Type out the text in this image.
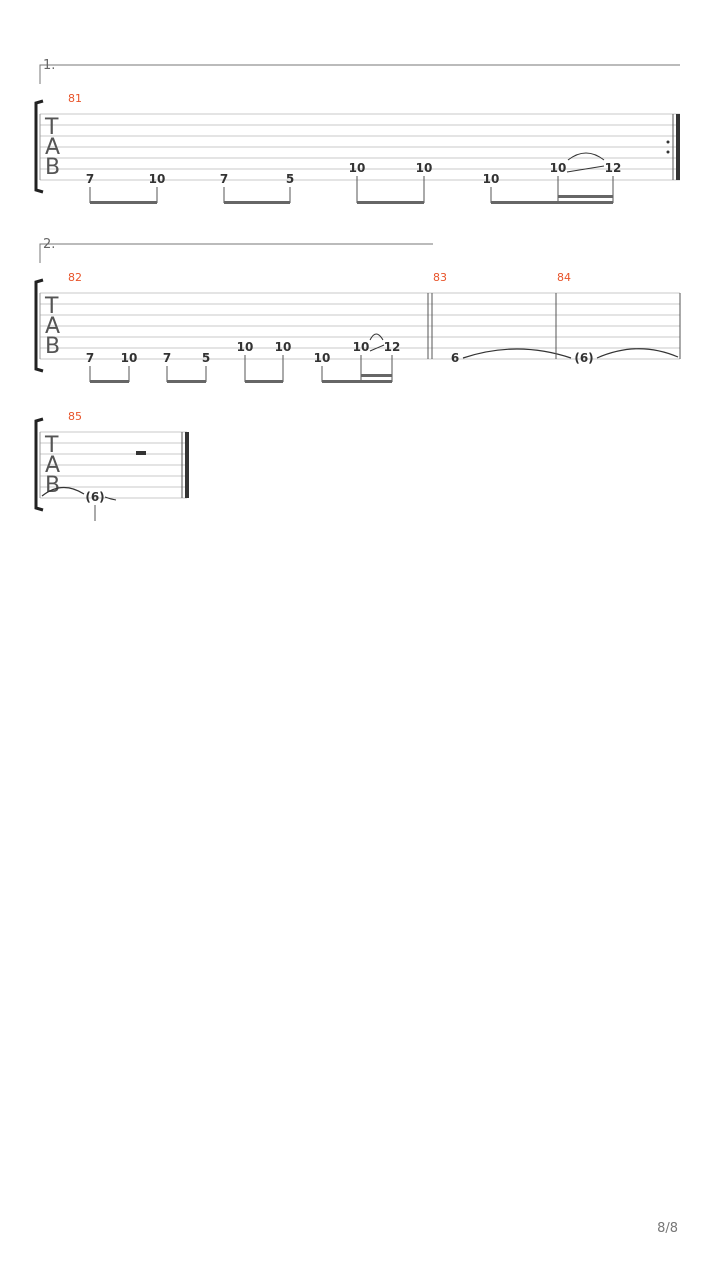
1.
T
A
B
81
7	10	7	5
10	10
10
10	12
2.
T
A
B
82	83	84
7 10 7	5
10 10
10
10 12
6	(6)
T
A
B
85
(6)
8/8
